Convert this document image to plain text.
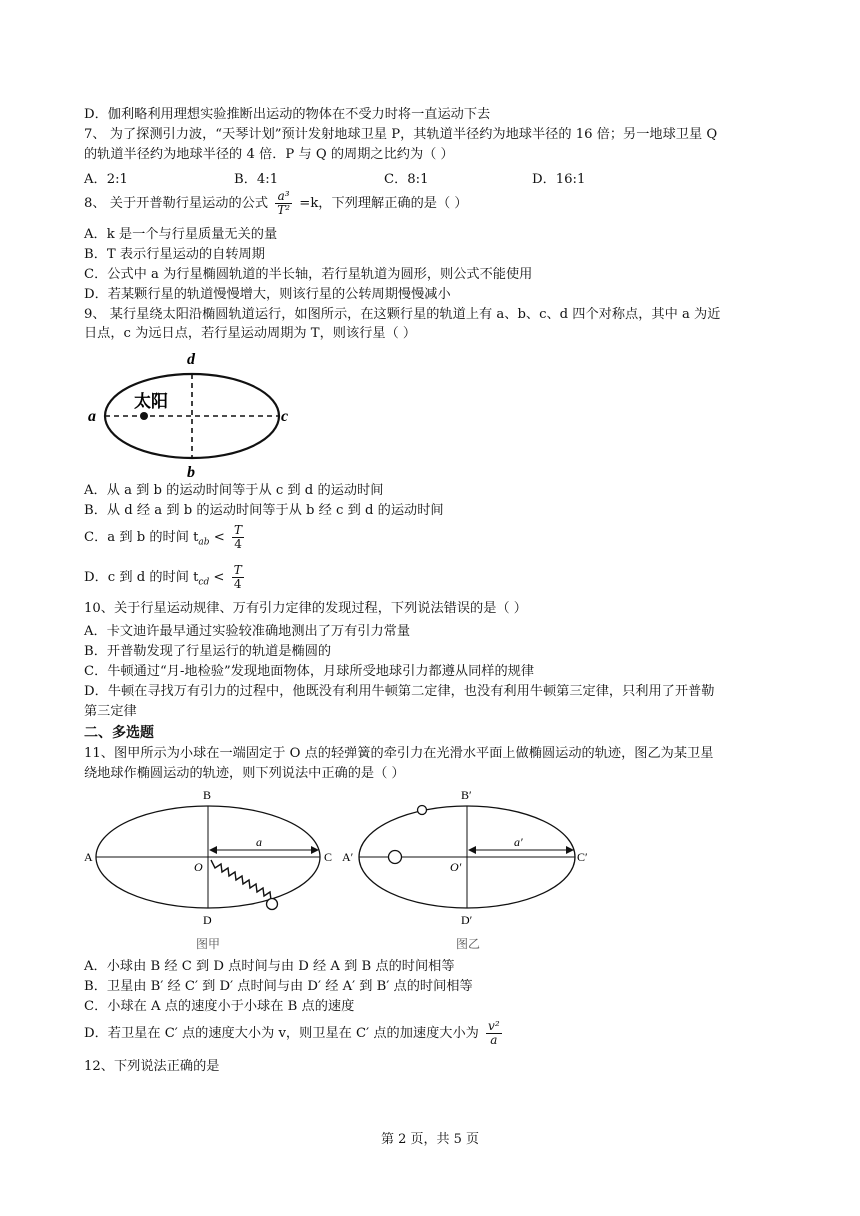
D．伽利略利用理想实验推断出运动的物体在不受力时将一直运动下去
7、 为了探测引力波，“天琴计划”预计发射地球卫星 P，其轨道半径约为地球半径的 16 倍；另一地球卫星 Q
的轨道半径约为地球半径的 4 倍．P 与 Q 的周期之比约为（ ）
A．2:1	B．4:1	C．8:1	D．16:1
8、 关于开普勒行星运动的公式 $\frac{\text{a³}}{\text{T²}} =k$，下列理解正确的是（ ）
A．k 是一个与行星质量无关的量
B．T 表示行星运动的自转周期
C．公式中 a 为行星椭圆轨道的半长轴，若行星轨道为圆形，则公式不能使用
D．若某颗行星的轨道慢慢增大，则该行星的公转周期慢慢减小
9、 某行星绕太阳沿椭圆轨道运行，如图所示，在这颗行星的轨道上有 a、b、c、d 四个对称点，其中 a 为近
日点，c 为远日点，若行星运动周期为 T，则该行星（ ）
太阳
a	c
d
b
A．从 a 到 b 的运动时间等于从 c 到 d 的运动时间
B．从 d 经 a 到 b 的运动时间等于从 b 经 c 到 d 的运动时间
C．a 到 b 的时间 $t_{ab} < \frac{T}{4}$
D．c 到 d 的时间 $t_{cd} < \frac{T}{4}$
10、关于行星运动规律、万有引力定律的发现过程，下列说法错误的是（ ）
A．卡文迪许最早通过实验较准确地测出了万有引力常量
B．开普勒发现了行星运行的轨道是椭圆的
C．牛顿通过“月-地检验”发现地面物体，月球所受地球引力都遵从同样的规律
D．牛顿在寻找万有引力的过程中，他既没有利用牛顿第二定律，也没有利用牛顿第三定律，只利用了开普勒
第三定律
二、多选题
11、图甲所示为小球在一端固定于 O 点的轻弹簧的牵引力在光滑水平面上做椭圆运动的轨迹，图乙为某卫星
绕地球作椭圆运动的轨迹，则下列说法中正确的是（ ）
A	C
B
D
O
a
图甲
A′	C′
B′
D′
O′
a′
图乙
A．小球由 B 经 C 到 D 点时间与由 D 经 A 到 B 点的时间相等
B．卫星由 B′ 经 C′ 到 D′ 点时间与由 D′ 经 A′ 到 B′ 点的时间相等
C．小球在 A 点的速度小于小球在 B 点的速度
D．若卫星在 C′ 点的速度大小为 v，则卫星在 C′ 点的加速度大小为 $\frac{\text{v²}}{a}$
12、下列说法正确的是
第 2 页，共 5 页
